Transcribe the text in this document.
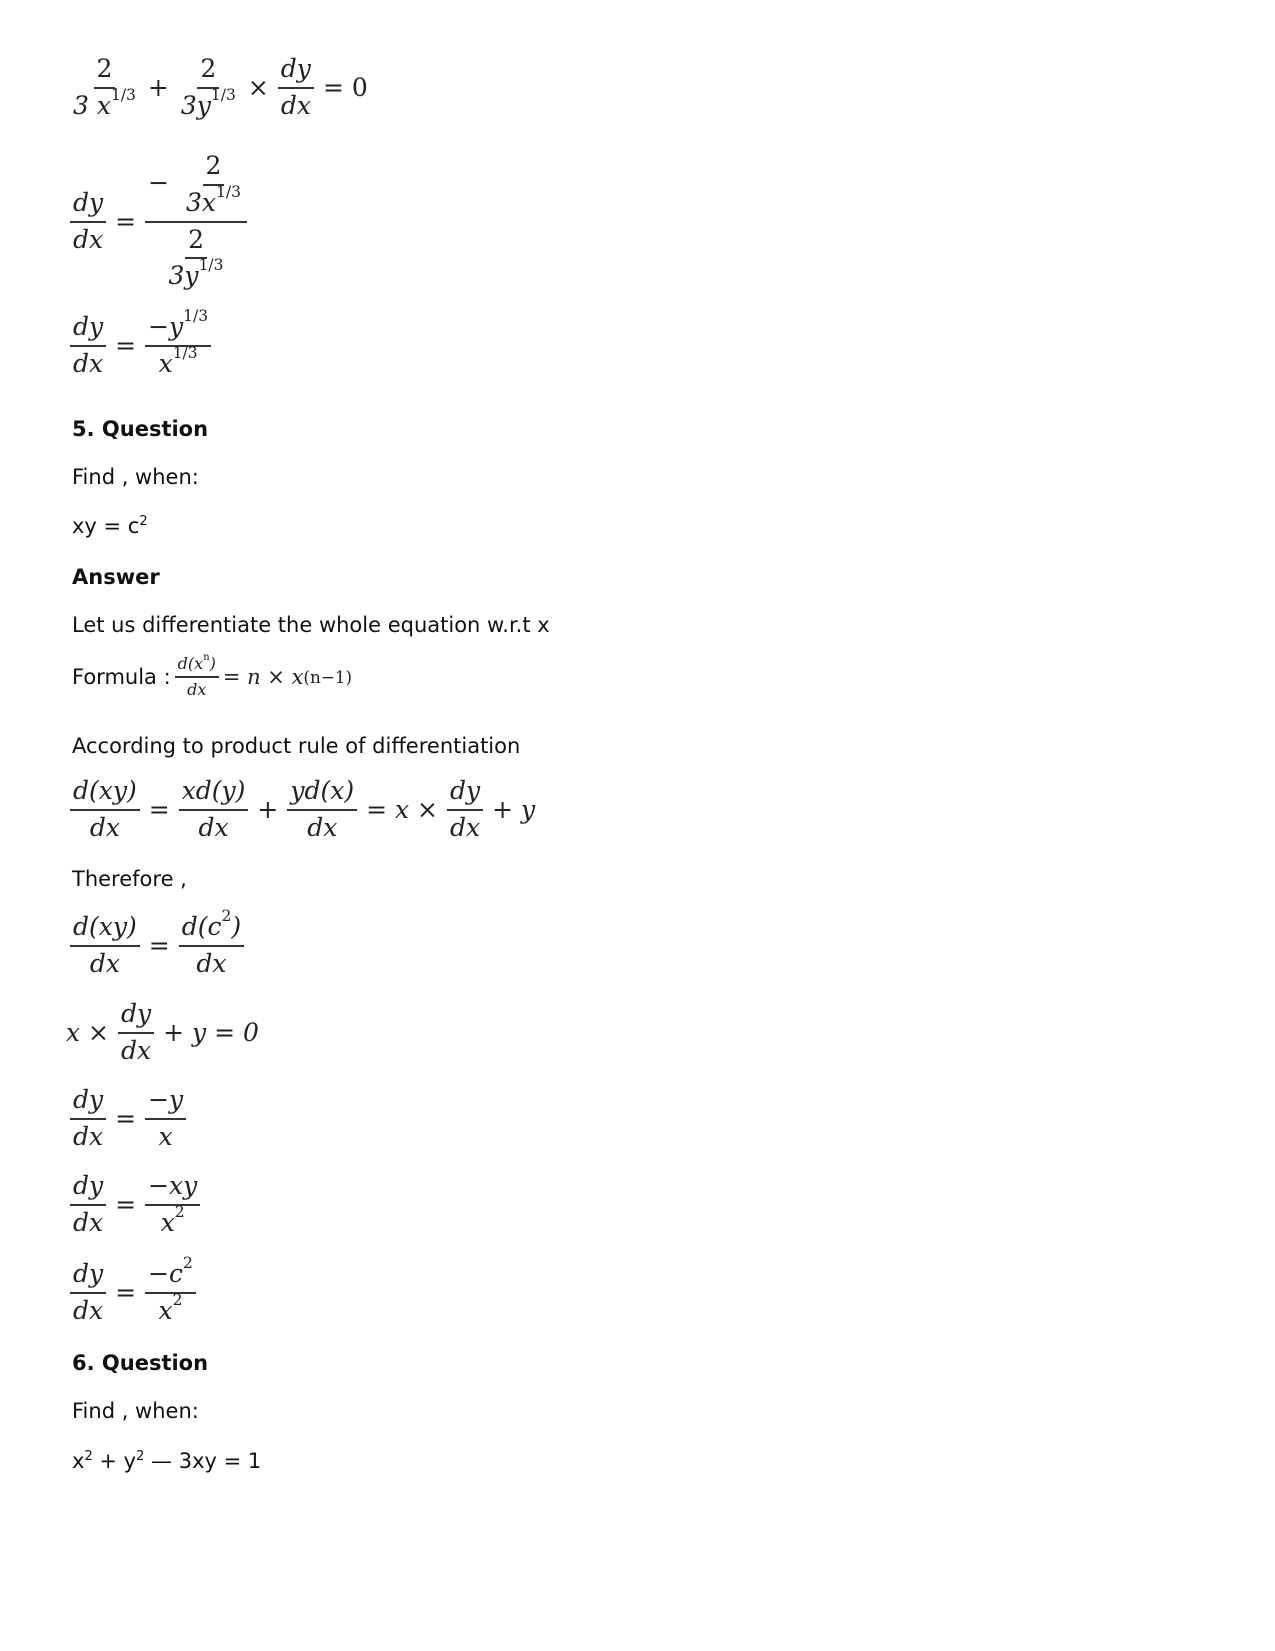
$\frac{2}{3 x^{1/3}} + \frac{2}{3y^{1/3}} \times \frac{dy}{dx} = 0$
$\frac{dy}{dx} = \frac{- \frac{2}{3x^{1/3}}}{\frac{2}{3y^{1/3}}}$
$\frac{dy}{dx} = \frac{-y^{1/3}}{x^{1/3}}$
5. Question
Find , when:
xy = $c^2$
Answer
Let us differentiate the whole equation w.r.t x
Formula : $\frac{d(x^n)}{dx} = n \times x$ (n−1)
According to product rule of differentiation
$\frac{d(xy)}{dx} = \frac{xd(y)}{dx} + \frac{yd(x)}{dx} = x \times \frac{dy}{dx} + y$
Therefore ,
$\frac{d(xy)}{dx} = \frac{d(c^2)}{dx}$
$x \times \frac{dy}{dx} + y = 0$
$\frac{dy}{dx} = \frac{-y}{x}$
$\frac{dy}{dx} = \frac{-xy}{x^2}$
$\frac{dy}{dx} = \frac{-c^2}{x^2}$
6. Question
Find , when:
$x^2 + y^2$ — 3xy = 1
